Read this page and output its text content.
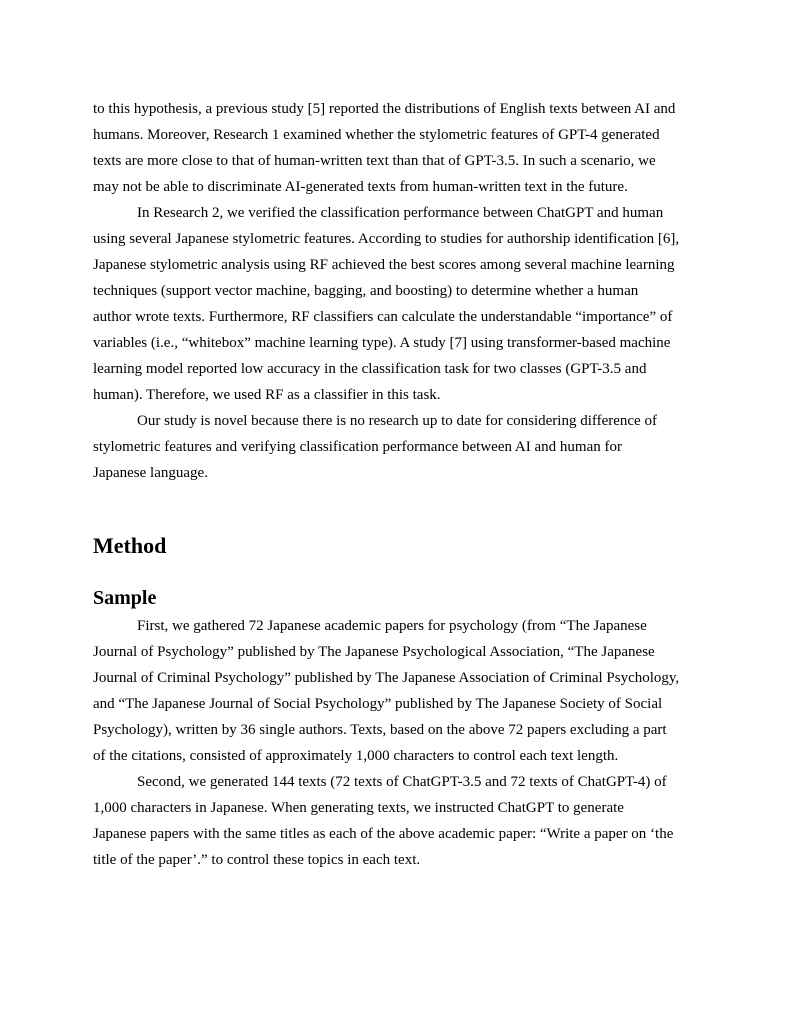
to this hypothesis, a previous study [5] reported the distributions of English texts between AI and
humans. Moreover, Research 1 examined whether the stylometric features of GPT-4 generated
texts are more close to that of human-written text than that of GPT-3.5. In such a scenario, we
may not be able to discriminate AI-generated texts from human-written text in the future.

In Research 2, we verified the classification performance between ChatGPT and human
using several Japanese stylometric features. According to studies for authorship identification [6],
Japanese stylometric analysis using RF achieved the best scores among several machine learning
techniques (support vector machine, bagging, and boosting) to determine whether a human
author wrote texts. Furthermore, RF classifiers can calculate the understandable “importance” of
variables (i.e., “whitebox” machine learning type). A study [7] using transformer-based machine
learning model reported low accuracy in the classification task for two classes (GPT-3.5 and
human). Therefore, we used RF as a classifier in this task.

Our study is novel because there is no research up to date for considering difference of
stylometric features and verifying classification performance between AI and human for
Japanese language.

Method
Sample

First, we gathered 72 Japanese academic papers for psychology (from “The Japanese
Journal of Psychology” published by The Japanese Psychological Association, “The Japanese
Journal of Criminal Psychology” published by The Japanese Association of Criminal Psychology,
and “The Japanese Journal of Social Psychology” published by The Japanese Society of Social
Psychology), written by 36 single authors. Texts, based on the above 72 papers excluding a part
of the citations, consisted of approximately 1,000 characters to control each text length.

Second, we generated 144 texts (72 texts of ChatGPT-3.5 and 72 texts of ChatGPT-4) of
1,000 characters in Japanese. When generating texts, we instructed ChatGPT to generate
Japanese papers with the same titles as each of the above academic paper: “Write a paper on ‘the
title of the paper’.” to control these topics in each text.
